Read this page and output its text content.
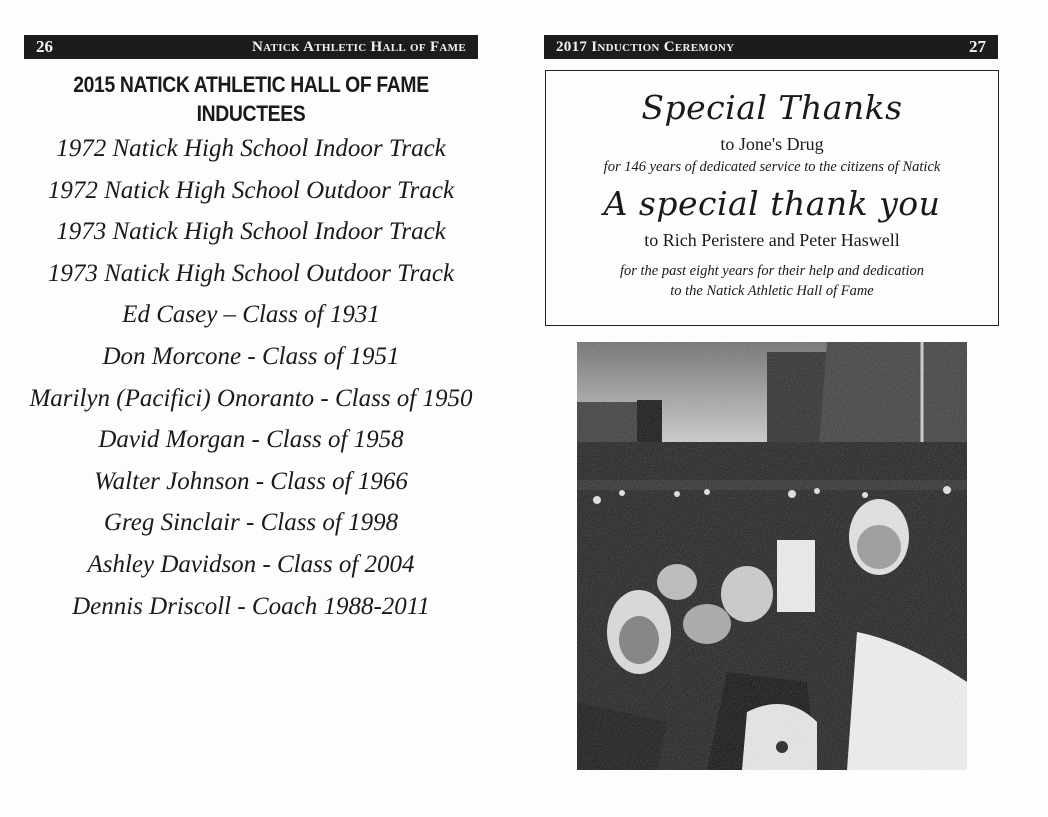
26	Natick Athletic Hall of Fame
2015 NATICK ATHLETIC HALL OF FAME INDUCTEES
1972 Natick High School Indoor Track
1972 Natick High School Outdoor Track
1973 Natick High School Indoor Track
1973 Natick High School Outdoor Track
Ed Casey – Class of 1931
Don Morcone - Class of 1951
Marilyn (Pacifici) Onoranto - Class of 1950
David Morgan - Class of 1958
Walter Johnson - Class of 1966
Greg Sinclair - Class of 1998
Ashley Davidson - Class of 2004
Dennis Driscoll - Coach 1988-2011
2017 Induction Ceremony	27
Special Thanks
to Jone's Drug
for 146 years of dedicated service to the citizens of Natick
A special thank you
to Rich Peristere and Peter Haswell
for the past eight years for their help and dedication
to the Natick Athletic Hall of Fame
